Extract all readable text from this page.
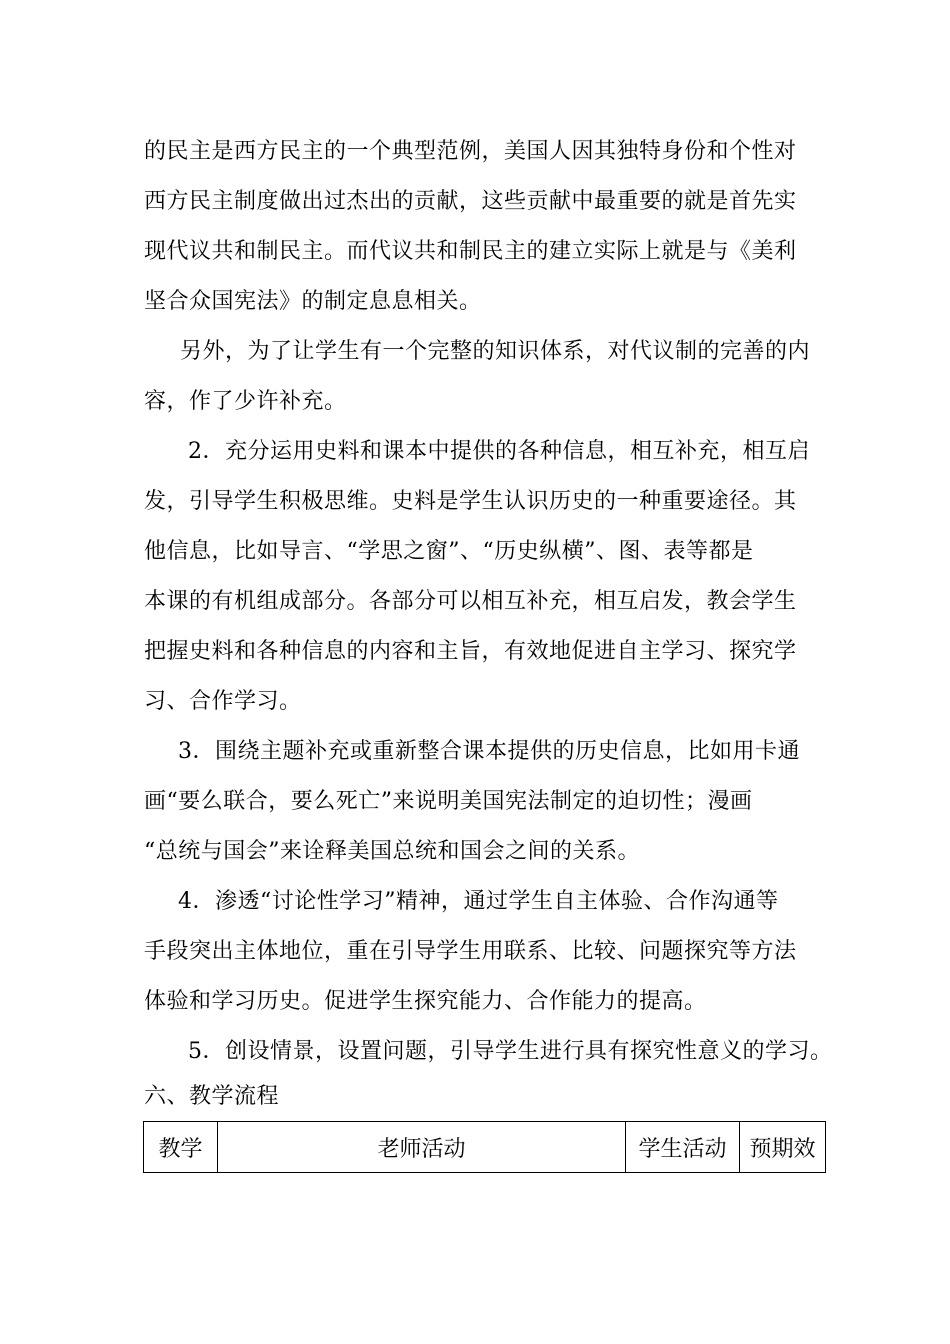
的民主是西方民主的一个典型范例，美国人因其独特身份和个性对
西方民主制度做出过杰出的贡献，这些贡献中最重要的就是首先实
现代议共和制民主。而代议共和制民主的建立实际上就是与《美利
坚合众国宪法》的制定息息相关。
另外，为了让学生有一个完整的知识体系，对代议制的完善的内
容，作了少许补充。
2．充分运用史料和课本中提供的各种信息，相互补充，相互启
发，引导学生积极思维。史料是学生认识历史的一种重要途径。其
他信息，比如导言、“学思之窗”、“历史纵横”、图、表等都是
本课的有机组成部分。各部分可以相互补充，相互启发，教会学生
把握史料和各种信息的内容和主旨，有效地促进自主学习、探究学
习、合作学习。
3．围绕主题补充或重新整合课本提供的历史信息，比如用卡通
画“要么联合，要么死亡”来说明美国宪法制定的迫切性；漫画
“总统与国会”来诠释美国总统和国会之间的关系。
4．渗透“讨论性学习”精神，通过学生自主体验、合作沟通等
手段突出主体地位，重在引导学生用联系、比较、问题探究等方法
体验和学习历史。促进学生探究能力、合作能力的提高。
5．创设情景，设置问题，引导学生进行具有探究性意义的学习。
六、教学流程
教学	老师活动	学生活动	预期效
